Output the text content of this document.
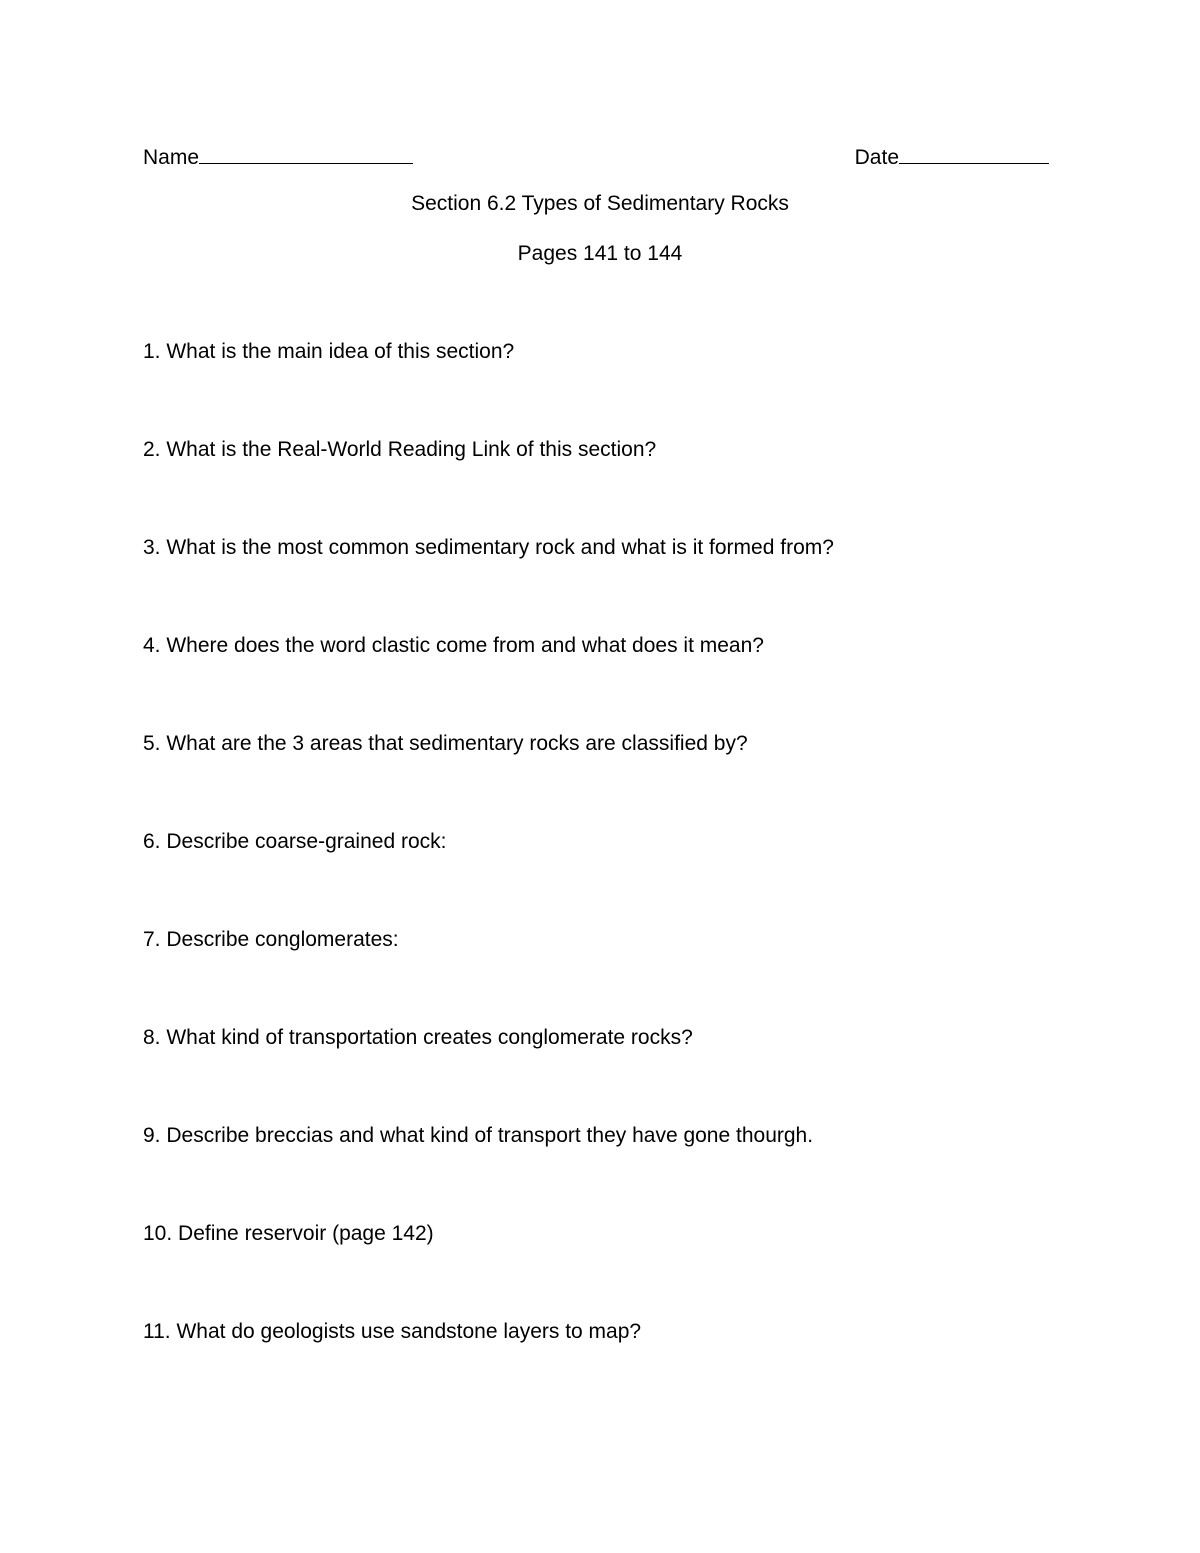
Name	Date
Section 6.2 Types of Sedimentary Rocks
Pages 141 to 144
1. What is the main idea of this section?
2. What is the Real-World Reading Link of this section?
3. What is the most common sedimentary rock and what is it formed from?
4. Where does the word clastic come from and what does it mean?
5. What are the 3 areas that sedimentary rocks are classified by?
6. Describe coarse-grained rock:
7. Describe conglomerates:
8. What kind of transportation creates conglomerate rocks?
9. Describe breccias and what kind of transport they have gone thourgh.
10. Define reservoir (page 142)
11. What do geologists use sandstone layers to map?
